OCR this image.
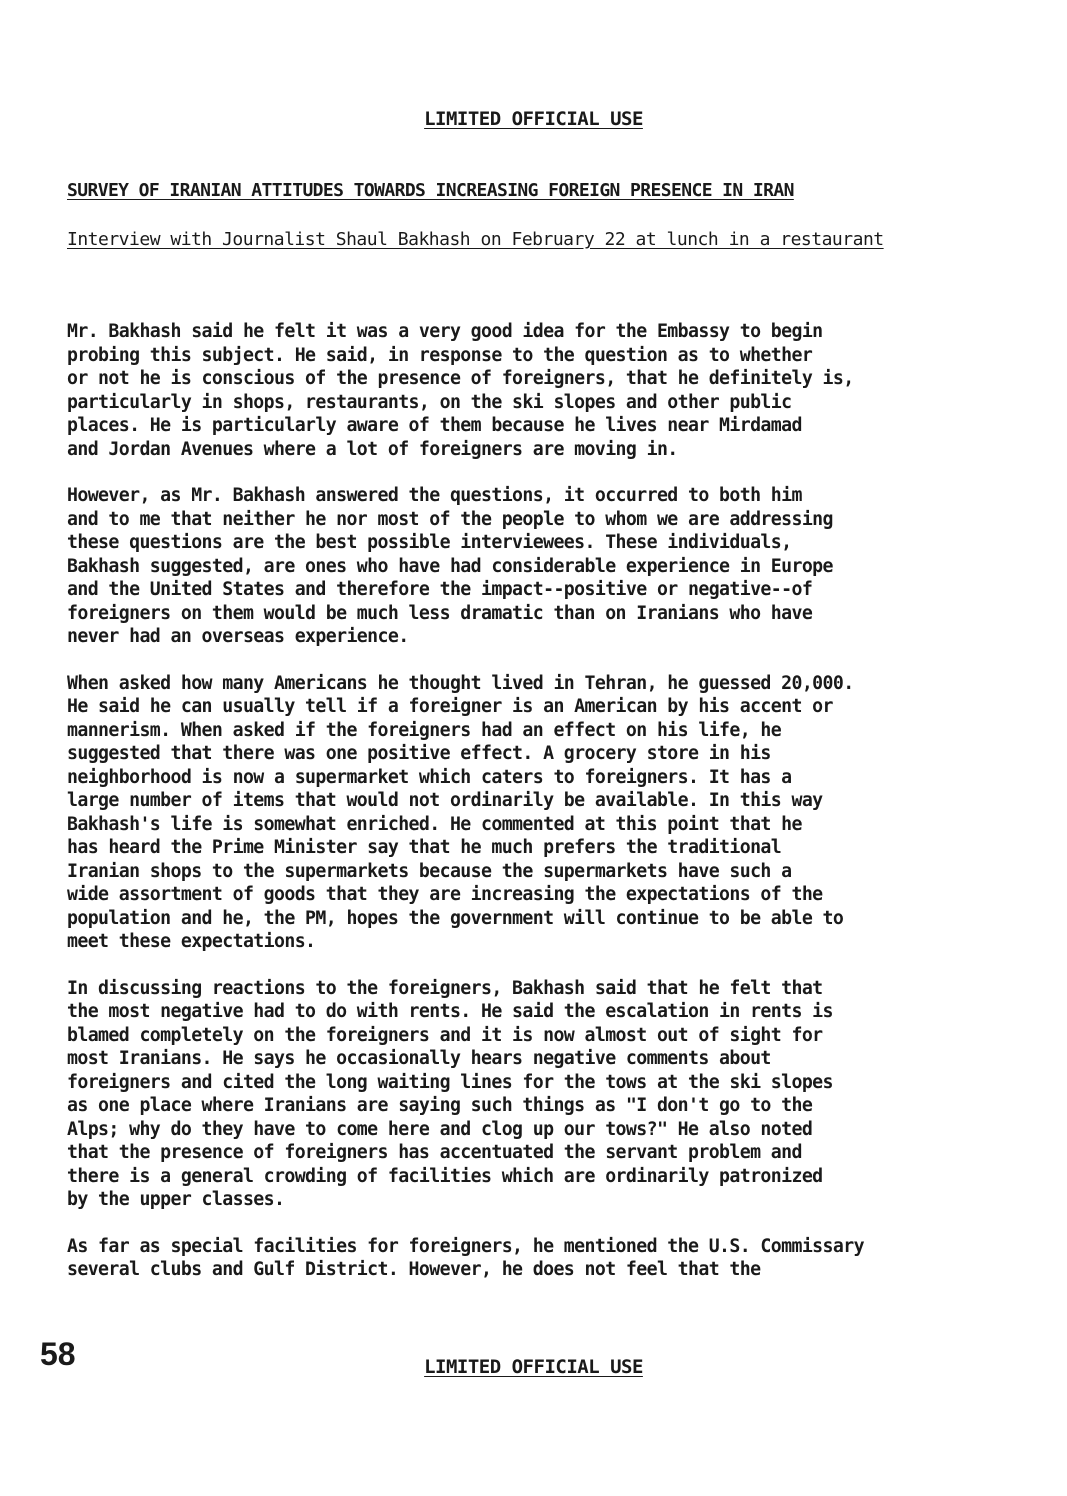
LIMITED OFFICIAL USE
SURVEY OF IRANIAN ATTITUDES TOWARDS INCREASING FOREIGN PRESENCE IN IRAN
Interview with Journalist Shaul Bakhash on February 22 at lunch in a restaurant

Mr. Bakhash said he felt it was a very good idea for the Embassy to begin
probing this subject. He said, in response to the question as to whether
or not he is conscious of the presence of foreigners, that he definitely is,
particularly in shops, restaurants, on the ski slopes and other public
places. He is particularly aware of them because he lives near Mirdamad
and Jordan Avenues where a lot of foreigners are moving in.

However, as Mr. Bakhash answered the questions, it occurred to both him
and to me that neither he nor most of the people to whom we are addressing
these questions are the best possible interviewees. These individuals,
Bakhash suggested, are ones who have had considerable experience in Europe
and the United States and therefore the impact--positive or negative--of
foreigners on them would be much less dramatic than on Iranians who have
never had an overseas experience.

When asked how many Americans he thought lived in Tehran, he guessed 20,000.
He said he can usually tell if a foreigner is an American by his accent or
mannerism. When asked if the foreigners had an effect on his life, he
suggested that there was one positive effect. A grocery store in his
neighborhood is now a supermarket which caters to foreigners. It has a
large number of items that would not ordinarily be available. In this way
Bakhash's life is somewhat enriched. He commented at this point that he
has heard the Prime Minister say that he much prefers the traditional
Iranian shops to the supermarkets because the supermarkets have such a
wide assortment of goods that they are increasing the expectations of the
population and he, the PM, hopes the government will continue to be able to
meet these expectations.

In discussing reactions to the foreigners, Bakhash said that he felt that
the most negative had to do with rents. He said the escalation in rents is
blamed completely on the foreigners and it is now almost out of sight for
most Iranians. He says he occasionally hears negative comments about
foreigners and cited the long waiting lines for the tows at the ski slopes
as one place where Iranians are saying such things as "I don't go to the
Alps; why do they have to come here and clog up our tows?" He also noted
that the presence of foreigners has accentuated the servant problem and
there is a general crowding of facilities which are ordinarily patronized
by the upper classes.

As far as special facilities for foreigners, he mentioned the U.S. Commissary
several clubs and Gulf District. However, he does not feel that the

58	LIMITED OFFICIAL USE
